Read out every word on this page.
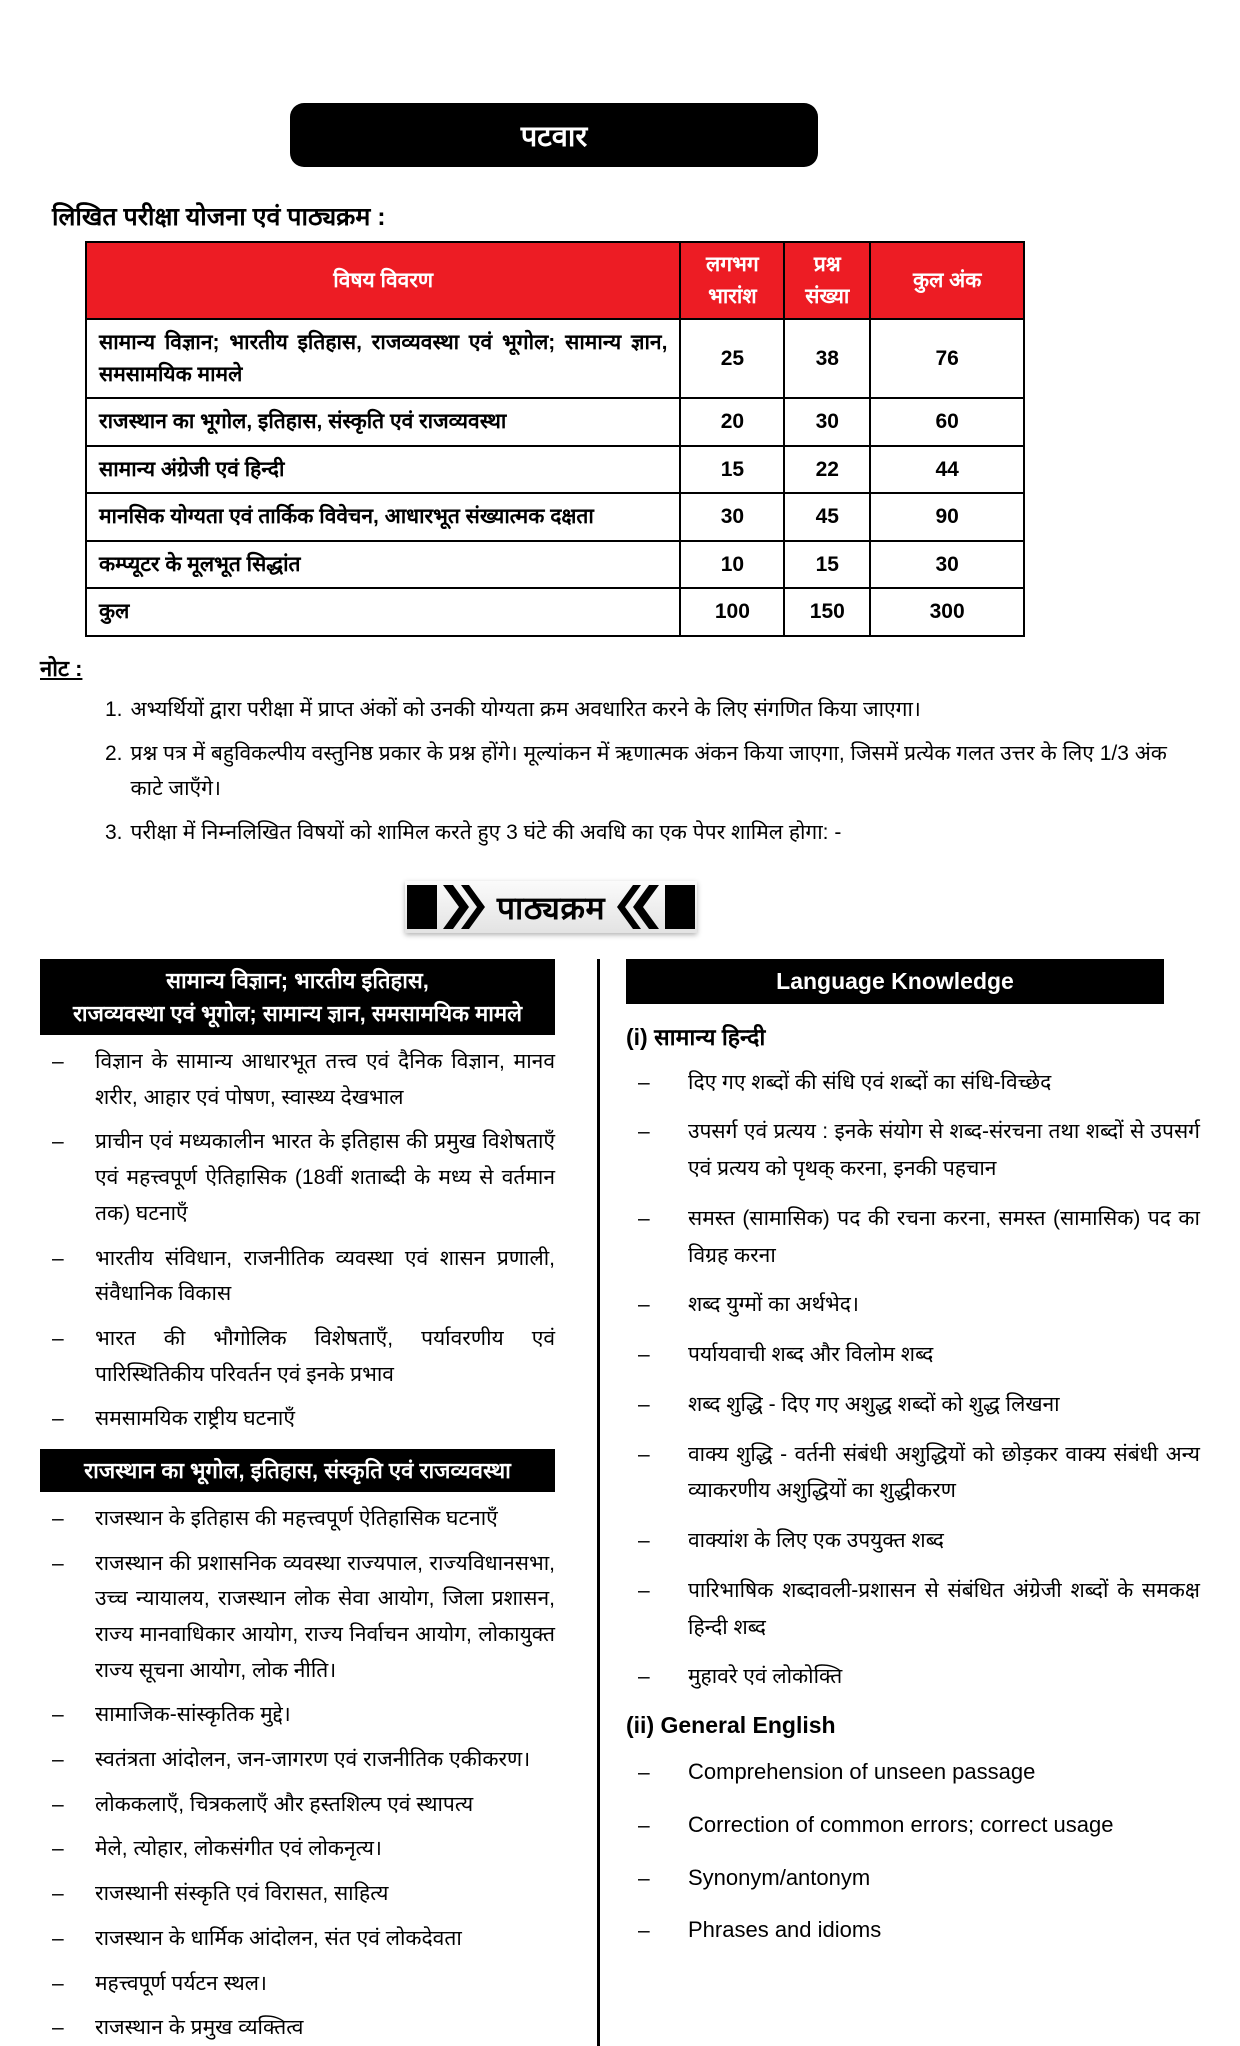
पटवार
लिखित परीक्षा योजना एवं पाठ्यक्रम :
विषय विवरण	लगभग भारांश	प्रश्न संख्या	कुल अंक
सामान्य विज्ञान; भारतीय इतिहास, राजव्यवस्था एवं भूगोल; सामान्य ज्ञान, समसामयिक मामले	25	38	76
राजस्थान का भूगोल, इतिहास, संस्कृति एवं राजव्यवस्था	20	30	60
सामान्य अंग्रेजी एवं हिन्दी	15	22	44
मानसिक योग्यता एवं तार्किक विवेचन, आधारभूत संख्यात्मक दक्षता	30	45	90
कम्प्यूटर के मूलभूत सिद्धांत	10	15	30
कुल	100	150	300
नोट :
1. अभ्यर्थियों द्वारा परीक्षा में प्राप्त अंकों को उनकी योग्यता क्रम अवधारित करने के लिए संगणित किया जाएगा।
2. प्रश्न पत्र में बहुविकल्पीय वस्तुनिष्ठ प्रकार के प्रश्न होंगे। मूल्यांकन में ऋणात्मक अंकन किया जाएगा, जिसमें प्रत्येक गलत उत्तर के लिए 1/3 अंक काटे जाएँगे।
3. परीक्षा में निम्नलिखित विषयों को शामिल करते हुए 3 घंटे की अवधि का एक पेपर शामिल होगा: -
पाठ्यक्रम
सामान्य विज्ञान; भारतीय इतिहास,
राजव्यवस्था एवं भूगोल; सामान्य ज्ञान, समसामयिक मामले
–	विज्ञान के सामान्य आधारभूत तत्त्व एवं दैनिक विज्ञान, मानव शरीर, आहार एवं पोषण, स्वास्थ्य देखभाल
–	प्राचीन एवं मध्यकालीन भारत के इतिहास की प्रमुख विशेषताएँ एवं महत्त्वपूर्ण ऐतिहासिक (18वीं शताब्दी के मध्य से वर्तमान तक) घटनाएँ
–	भारतीय संविधान, राजनीतिक व्यवस्था एवं शासन प्रणाली, संवैधानिक विकास
–	भारत की भौगोलिक विशेषताएँ, पर्यावरणीय एवं पारिस्थितिकीय परिवर्तन एवं इनके प्रभाव
–	समसामयिक राष्ट्रीय घटनाएँ
राजस्थान का भूगोल, इतिहास, संस्कृति एवं राजव्यवस्था
–	राजस्थान के इतिहास की महत्त्वपूर्ण ऐतिहासिक घटनाएँ
–	राजस्थान की प्रशासनिक व्यवस्था राज्यपाल, राज्यविधानसभा, उच्च न्यायालय, राजस्थान लोक सेवा आयोग, जिला प्रशासन, राज्य मानवाधिकार आयोग, राज्य निर्वाचन आयोग, लोकायुक्त राज्य सूचना आयोग, लोक नीति।
–	सामाजिक-सांस्कृतिक मुद्दे।
–	स्वतंत्रता आंदोलन, जन-जागरण एवं राजनीतिक एकीकरण।
–	लोककलाएँ, चित्रकलाएँ और हस्तशिल्प एवं स्थापत्य
–	मेले, त्योहार, लोकसंगीत एवं लोकनृत्य।
–	राजस्थानी संस्कृति एवं विरासत, साहित्य
–	राजस्थान के धार्मिक आंदोलन, संत एवं लोकदेवता
–	महत्त्वपूर्ण पर्यटन स्थल।
–	राजस्थान के प्रमुख व्यक्तित्व
Language Knowledge
(i) सामान्य हिन्दी
–	दिए गए शब्दों की संधि एवं शब्दों का संधि-विच्छेद
–	उपसर्ग एवं प्रत्यय : इनके संयोग से शब्द-संरचना तथा शब्दों से उपसर्ग एवं प्रत्यय को पृथक् करना, इनकी पहचान
–	समस्त (सामासिक) पद की रचना करना, समस्त (सामासिक) पद का विग्रह करना
–	शब्द युग्मों का अर्थभेद।
–	पर्यायवाची शब्द और विलोम शब्द
–	शब्द शुद्धि - दिए गए अशुद्ध शब्दों को शुद्ध लिखना
–	वाक्य शुद्धि - वर्तनी संबंधी अशुद्धियों को छोड़कर वाक्य संबंधी अन्य व्याकरणीय अशुद्धियों का शुद्धीकरण
–	वाक्यांश के लिए एक उपयुक्त शब्द
–	पारिभाषिक शब्दावली-प्रशासन से संबंधित अंग्रेजी शब्दों के समकक्ष हिन्दी शब्द
–	मुहावरे एवं लोकोक्ति
(ii) General English
–	Comprehension of unseen passage
–	Correction of common errors; correct usage
–	Synonym/antonym
–	Phrases and idioms
